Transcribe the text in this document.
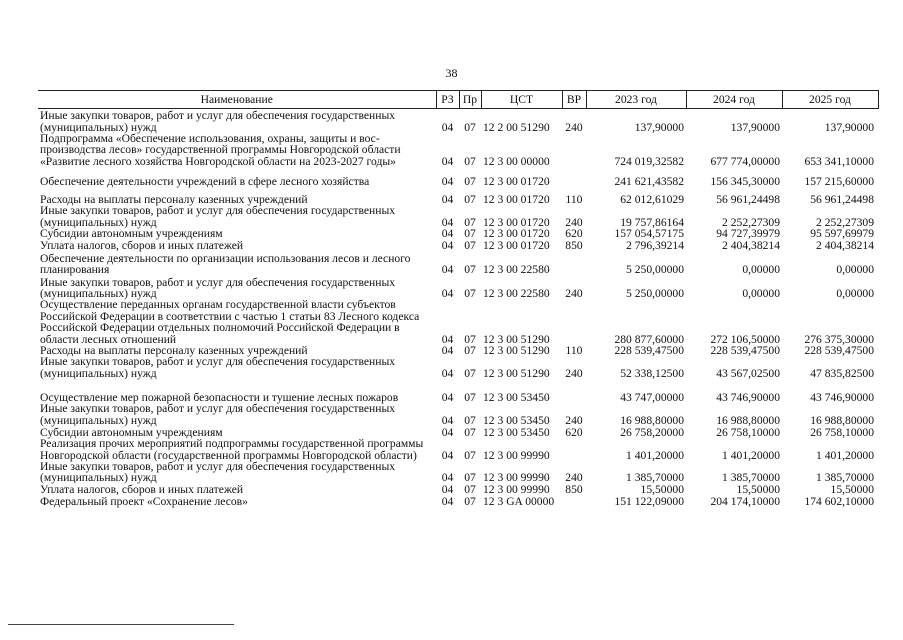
38
Наименование	РЗ	Пр	ЦСТ	ВР	2023 год	2024 год	2025 год
Иные закупки товаров, работ и услуг для обеспечения государственных (муниципальных) нужд	04	07	12 2 00 51290	240	137,90000	137,90000	137,90000
Подпрограмма «Обеспечение использования, охраны, защиты и воспроизводства лесов» государственной программы Новгородской области «Развитие лесного хозяйства Новгородской области на 2023-2027 годы»	04	07	12 3 00 00000		724 019,32582	677 774,00000	653 341,10000
Обеспечение деятельности учреждений в сфере лесного хозяйства	04	07	12 3 00 01720		241 621,43582	156 345,30000	157 215,60000
Расходы на выплаты персоналу казенных учреждений	04	07	12 3 00 01720	110	62 012,61029	56 961,24498	56 961,24498
Иные закупки товаров, работ и услуг для обеспечения государственных (муниципальных) нужд	04	07	12 3 00 01720	240	19 757,86164	2 252,27309	2 252,27309
Субсидии автономным учреждениям	04	07	12 3 00 01720	620	157 054,57175	94 727,39979	95 597,69979
Уплата налогов, сборов и иных платежей	04	07	12 3 00 01720	850	2 796,39214	2 404,38214	2 404,38214
Обеспечение деятельности по организации использования лесов и лесного планирования	04	07	12 3 00 22580		5 250,00000	0,00000	0,00000
Иные закупки товаров, работ и услуг для обеспечения государственных (муниципальных) нужд	04	07	12 3 00 22580	240	5 250,00000	0,00000	0,00000
Осуществление переданных органам государственной власти субъектов Российской Федерации в соответствии с частью 1 статьи 83 Лесного кодекса Российской Федерации отдельных полномочий Российской Федерации в области лесных отношений	04	07	12 3 00 51290		280 877,60000	272 106,50000	276 375,30000
Расходы на выплаты персоналу казенных учреждений	04	07	12 3 00 51290	110	228 539,47500	228 539,47500	228 539,47500
Иные закупки товаров, работ и услуг для обеспечения государственных (муниципальных) нужд	04	07	12 3 00 51290	240	52 338,12500	43 567,02500	47 835,82500
Осуществление мер пожарной безопасности и тушение лесных пожаров	04	07	12 3 00 53450		43 747,00000	43 746,90000	43 746,90000
Иные закупки товаров, работ и услуг для обеспечения государственных (муниципальных) нужд	04	07	12 3 00 53450	240	16 988,80000	16 988,80000	16 988,80000
Субсидии автономным учреждениям	04	07	12 3 00 53450	620	26 758,20000	26 758,10000	26 758,10000
Реализация прочих мероприятий подпрограммы государственной программы Новгородской области (государственной программы Новгородской области)	04	07	12 3 00 99990		1 401,20000	1 401,20000	1 401,20000
Иные закупки товаров, работ и услуг для обеспечения государственных (муниципальных) нужд	04	07	12 3 00 99990	240	1 385,70000	1 385,70000	1 385,70000
Уплата налогов, сборов и иных платежей	04	07	12 3 00 99990	850	15,50000	15,50000	15,50000
Федеральный проект «Сохранение лесов»	04	07	12 3 GA 00000		151 122,09000	204 174,10000	174 602,10000
